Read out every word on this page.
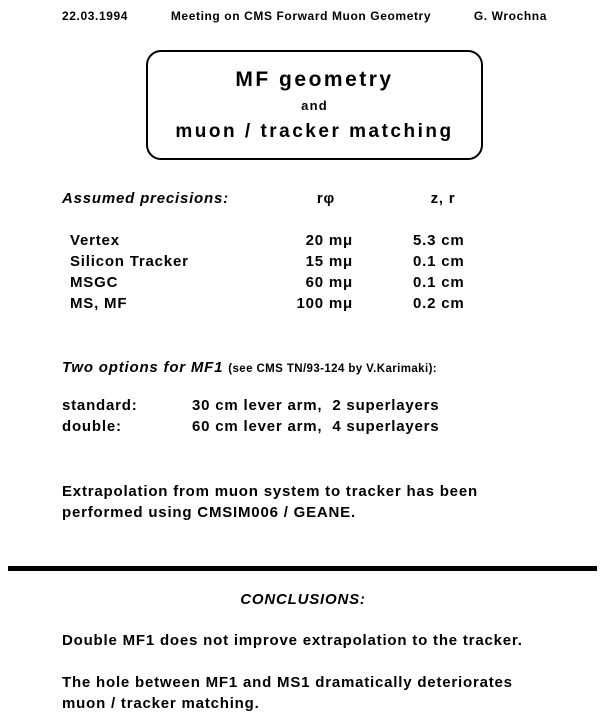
22.03.1994	Meeting on CMS Forward Muon Geometry	G. Wrochna
MF geometry
and
muon / tracker matching
Assumed precisions:	rφ	z, r
Vertex	20 mμ	5.3 cm
Silicon Tracker	15 mμ	0.1 cm
MSGC	60 mμ	0.1 cm
MS, MF	100 mμ	0.2 cm
Two options for MF1 (see CMS TN/93-124 by V.Karimaki):
standard:	30 cm lever arm,  2 superlayers
double:	60 cm lever arm,  4 superlayers
Extrapolation from muon system to tracker has been performed using CMSIM006 / GEANE.
CONCLUSIONS:
Double MF1 does not improve extrapolation to the tracker.
The hole between MF1 and MS1 dramatically deteriorates muon / tracker matching.
